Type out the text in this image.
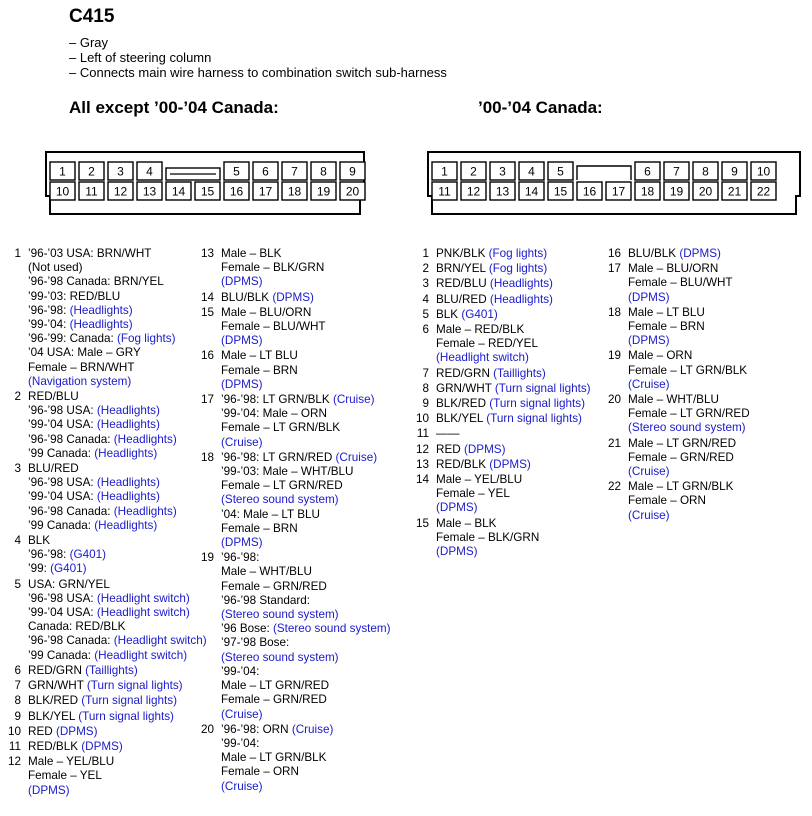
C415
– Gray
– Left of steering column
– Connects main wire harness to combination switch sub-harness
All except ’00-’04 Canada:	’00-’04 Canada:
10 11 12 13 14 15 16 17 18 19 20
1 2 3 4	5 6 7 8 9
11 12 13 14 15 16 17 18 19 20 21 22
1 2 3 4 5	6 7 8 9 10
1 ’96-’03 USA: BRN/WHT
(Not used)
’96-’98 Canada: BRN/YEL
’99-’03: RED/BLU
’96-’98: (Headlights)
’99-’04: (Headlights)
’96-’99: Canada: (Fog lights)
’04 USA: Male – GRY
Female – BRN/WHT
(Navigation system)
2 RED/BLU
’96-’98 USA: (Headlights)
’99-’04 USA: (Headlights)
’96-’98 Canada: (Headlights)
’99 Canada: (Headlights)
3 BLU/RED
’96-’98 USA: (Headlights)
’99-’04 USA: (Headlights)
’96-’98 Canada: (Headlights)
’99 Canada: (Headlights)
4 BLK
’96-’98: (G401)
’99: (G401)
5 USA: GRN/YEL
’96-’98 USA: (Headlight switch)
’99-’04 USA: (Headlight switch)
Canada: RED/BLK
’96-’98 Canada: (Headlight switch)
’99 Canada: (Headlight switch)
6 RED/GRN (Taillights)
7 GRN/WHT (Turn signal lights)
8 BLK/RED (Turn signal lights)
9 BLK/YEL (Turn signal lights)
10 RED (DPMS)
11 RED/BLK (DPMS)
12 Male – YEL/BLU
Female – YEL
(DPMS)
13 Male – BLK
Female – BLK/GRN
(DPMS)
14 BLU/BLK (DPMS)
15 Male – BLU/ORN
Female – BLU/WHT
(DPMS)
16 Male – LT BLU
Female – BRN
(DPMS)
17 ’96-’98: LT GRN/BLK (Cruise)
’99-’04: Male – ORN
Female – LT GRN/BLK
(Cruise)
18 ’96-’98: LT GRN/RED (Cruise)
’99-’03: Male – WHT/BLU
Female – LT GRN/RED
(Stereo sound system)
’04: Male – LT BLU
Female – BRN
(DPMS)
19 ’96-’98:
Male – WHT/BLU
Female – GRN/RED
’96-’98 Standard:
(Stereo sound system)
’96 Bose: (Stereo sound system)
’97-’98 Bose:
(Stereo sound system)
’99-’04:
Male – LT GRN/RED
Female – GRN/RED
(Cruise)
20 ’96-’98: ORN (Cruise)
’99-’04:
Male – LT GRN/BLK
Female – ORN
(Cruise)
1 PNK/BLK (Fog lights)
2 BRN/YEL (Fog lights)
3 RED/BLU (Headlights)
4 BLU/RED (Headlights)
5 BLK (G401)
6 Male – RED/BLK
Female – RED/YEL
(Headlight switch)
7 RED/GRN (Taillights)
8 GRN/WHT (Turn signal lights)
9 BLK/RED (Turn signal lights)
10 BLK/YEL (Turn signal lights)
11 ——
12 RED (DPMS)
13 RED/BLK (DPMS)
14 Male – YEL/BLU
Female – YEL
(DPMS)
15 Male – BLK
Female – BLK/GRN
(DPMS)
16 BLU/BLK (DPMS)
17 Male – BLU/ORN
Female – BLU/WHT
(DPMS)
18 Male – LT BLU
Female – BRN
(DPMS)
19 Male – ORN
Female – LT GRN/BLK
(Cruise)
20 Male – WHT/BLU
Female – LT GRN/RED
(Stereo sound system)
21 Male – LT GRN/RED
Female – GRN/RED
(Cruise)
22 Male – LT GRN/BLK
Female – ORN
(Cruise)
